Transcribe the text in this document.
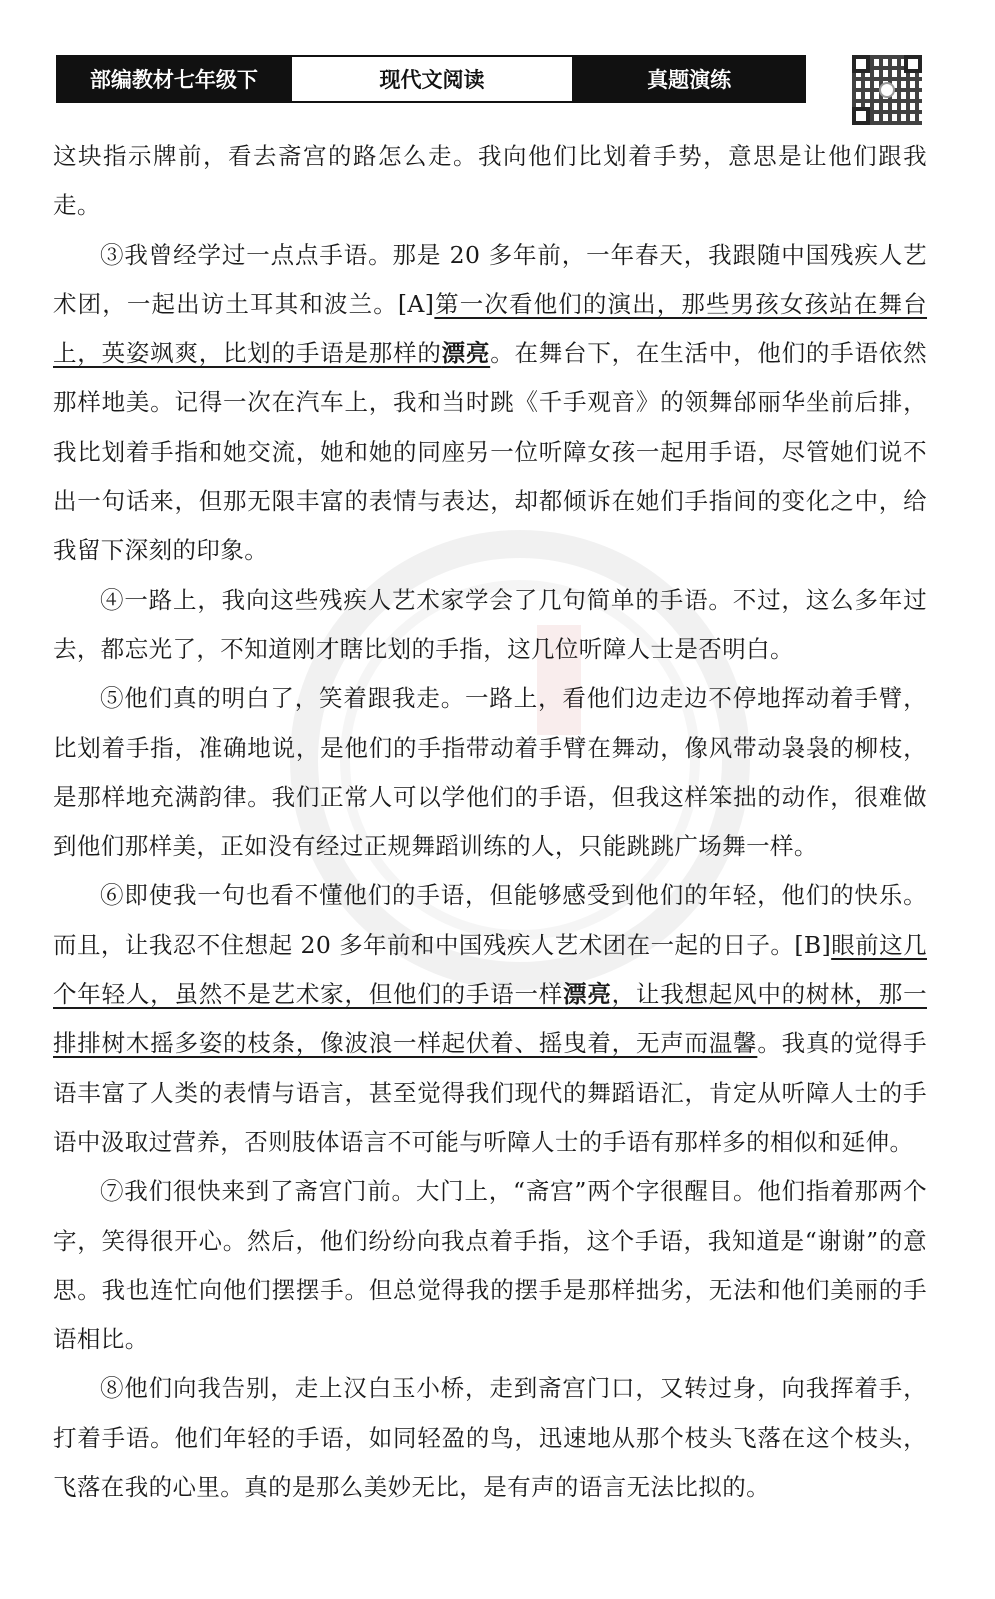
部编教材七年级下	现代文阅读	真题演练

这块指示牌前，看去斋宫的路怎么走。我向他们比划着手势，意思是让他们跟我走。

③我曾经学过一点点手语。那是 20 多年前，一年春天，我跟随中国残疾人艺术团，一起出访土耳其和波兰。[A]第一次看他们的演出，那些男孩女孩站在舞台上，英姿飒爽，比划的手语是那样的漂亮。在舞台下，在生活中，他们的手语依然那样地美。记得一次在汽车上，我和当时跳《千手观音》的领舞邰丽华坐前后排，我比划着手指和她交流，她和她的同座另一位听障女孩一起用手语，尽管她们说不出一句话来，但那无限丰富的表情与表达，却都倾诉在她们手指间的变化之中，给我留下深刻的印象。

④一路上，我向这些残疾人艺术家学会了几句简单的手语。不过，这么多年过去，都忘光了，不知道刚才瞎比划的手指，这几位听障人士是否明白。

⑤他们真的明白了，笑着跟我走。一路上，看他们边走边不停地挥动着手臂，比划着手指，准确地说，是他们的手指带动着手臂在舞动，像风带动袅袅的柳枝，是那样地充满韵律。我们正常人可以学他们的手语，但我这样笨拙的动作，很难做到他们那样美，正如没有经过正规舞蹈训练的人，只能跳跳广场舞一样。

⑥即使我一句也看不懂他们的手语，但能够感受到他们的年轻，他们的快乐。而且，让我忍不住想起 20 多年前和中国残疾人艺术团在一起的日子。[B]眼前这几个年轻人，虽然不是艺术家，但他们的手语一样漂亮，让我想起风中的树林，那一排排树木摇多姿的枝条，像波浪一样起伏着、摇曳着，无声而温馨。我真的觉得手语丰富了人类的表情与语言，甚至觉得我们现代的舞蹈语汇，肯定从听障人士的手语中汲取过营养，否则肢体语言不可能与听障人士的手语有那样多的相似和延伸。

⑦我们很快来到了斋宫门前。大门上，“斋宫”两个字很醒目。他们指着那两个字，笑得很开心。然后，他们纷纷向我点着手指，这个手语，我知道是“谢谢”的意思。我也连忙向他们摆摆手。但总觉得我的摆手是那样拙劣，无法和他们美丽的手语相比。

⑧他们向我告别，走上汉白玉小桥，走到斋宫门口，又转过身，向我挥着手，打着手语。他们年轻的手语，如同轻盈的鸟，迅速地从那个枝头飞落在这个枝头，飞落在我的心里。真的是那么美妙无比，是有声的语言无法比拟的。
